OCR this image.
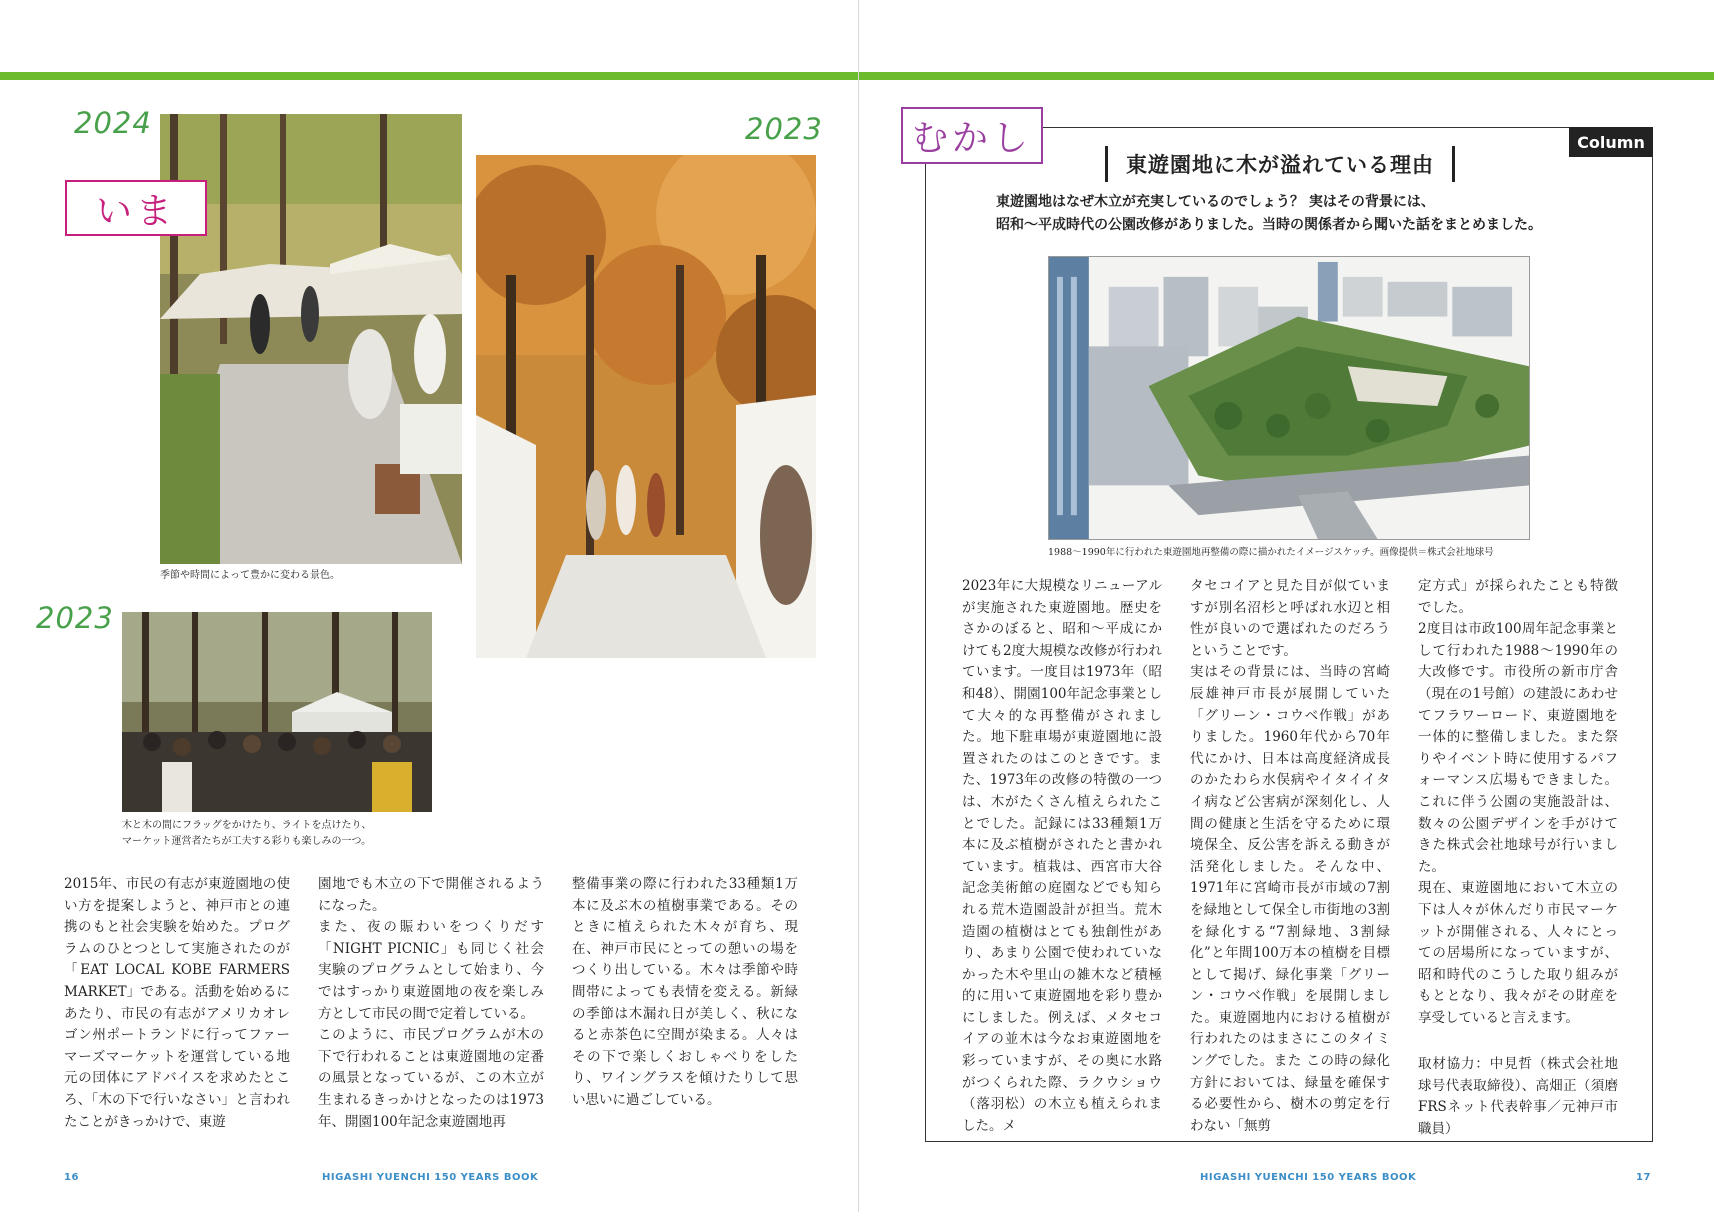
2024	2023
2023
いま
季節や時間によって豊かに変わる景色。
木と木の間にフラッグをかけたり、ライトを点けたり、
マーケット運営者たちが工夫する彩りも楽しみの一つ。

2015年、市民の有志が東遊園地の使い方を提案しようと、神戸市との連携のもと社会実験を始めた。プログラムのひとつとして実施されたのが「EAT LOCAL KOBE FARMERS MARKET」である。活動を始めるにあたり、市民の有志がアメリカオレゴン州ポートランドに行ってファーマーズマーケットを運営している地元の団体にアドバイスを求めたところ、「木の下で行いなさい」と言われたことがきっかけで、東遊

園地でも木立の下で開催されるようになった。
また、夜の賑わいをつくりだす「NIGHT PICNIC」も同じく社会実験のプログラムとして始まり、今ではすっかり東遊園地の夜を楽しみ方として市民の間で定着している。
このように、市民プログラムが木の下で行われることは東遊園地の定番の風景となっているが、この木立が生まれるきっかけとなったのは1973年、開園100年記念東遊園地再

整備事業の際に行われた33種類1万本に及ぶ木の植樹事業である。そのときに植えられた木々が育ち、現在、神戸市民にとっての憩いの場をつくり出している。木々は季節や時間帯によっても表情を変える。新緑の季節は木漏れ日が美しく、秋になると赤茶色に空間が染まる。人々はその下で楽しくおしゃべりをしたり、ワイングラスを傾けたりして思い思いに過ごしている。

16	HIGASHI YUENCHI 150 YEARS BOOK
むかし	Column
東遊園地に木が溢れている理由
東遊園地はなぜ木立が充実しているのでしょう？ 実はその背景には、
昭和〜平成時代の公園改修がありました。当時の関係者から聞いた話をまとめました。
1988〜1990年に行われた東遊園地再整備の際に描かれたイメージスケッチ。画像提供＝株式会社地球号

2023年に大規模なリニューアルが実施された東遊園地。歴史をさかのぼると、昭和〜平成にかけても2度大規模な改修が行われています。一度目は1973年（昭和48）、開園100年記念事業として大々的な再整備がされました。地下駐車場が東遊園地に設置されたのはこのときです。また、1973年の改修の特徴の一つは、木がたくさん植えられたことでした。記録には33種類1万本に及ぶ植樹がされたと書かれています。植栽は、西宮市大谷記念美術館の庭園などでも知られる荒木造園設計が担当。荒木造園の植樹はとても独創性があり、あまり公園で使われていなかった木や里山の雑木など積極的に用いて東遊園地を彩り豊かにしました。例えば、メタセコイアの並木は今なお東遊園地を彩っていますが、その奥に水路がつくられた際、ラクウショウ（落羽松）の木立も植えられました。メ

タセコイアと見た目が似ていますが別名沼杉と呼ばれ水辺と相性が良いので選ばれたのだろうということです。
実はその背景には、当時の宮崎辰雄神戸市長が展開していた「グリーン・コウベ作戦」がありました。1960年代から70年代にかけ、日本は高度経済成長のかたわら水俣病やイタイイタイ病など公害病が深刻化し、人間の健康と生活を守るために環境保全、反公害を訴える動きが活発化しました。そんな中、1971年に宮崎市長が市域の7割を緑地として保全し市街地の3割を緑化する“7割緑地、3割緑化”と年間100万本の植樹を目標として掲げ、緑化事業「グリーン・コウベ作戦」を展開しました。東遊園地内における植樹が行われたのはまさにこのタイミングでした。また この時の緑化方針においては、緑量を確保する必要性から、樹木の剪定を行わない「無剪
定方式」が採られたことも特徴でした。
2度目は市政100周年記念事業として行われた1988〜1990年の大改修です。市役所の新市庁舎（現在の1号館）の建設にあわせてフラワーロード、東遊園地を一体的に整備しました。また祭りやイベント時に使用するパフォーマンス広場もできました。これに伴う公園の実施設計は、数々の公園デザインを手がけてきた株式会社地球号が行いました。
現在、東遊園地において木立の下は人々が休んだり市民マーケットが開催される、人々にとっての居場所になっていますが、昭和時代のこうした取り組みがもととなり、我々がその財産を享受していると言えます。
取材協力：中見哲（株式会社地球号代表取締役）、高畑正（須磨FRSネット代表幹事／元神戸市職員）
HIGASHI YUENCHI 150 YEARS BOOK	17
